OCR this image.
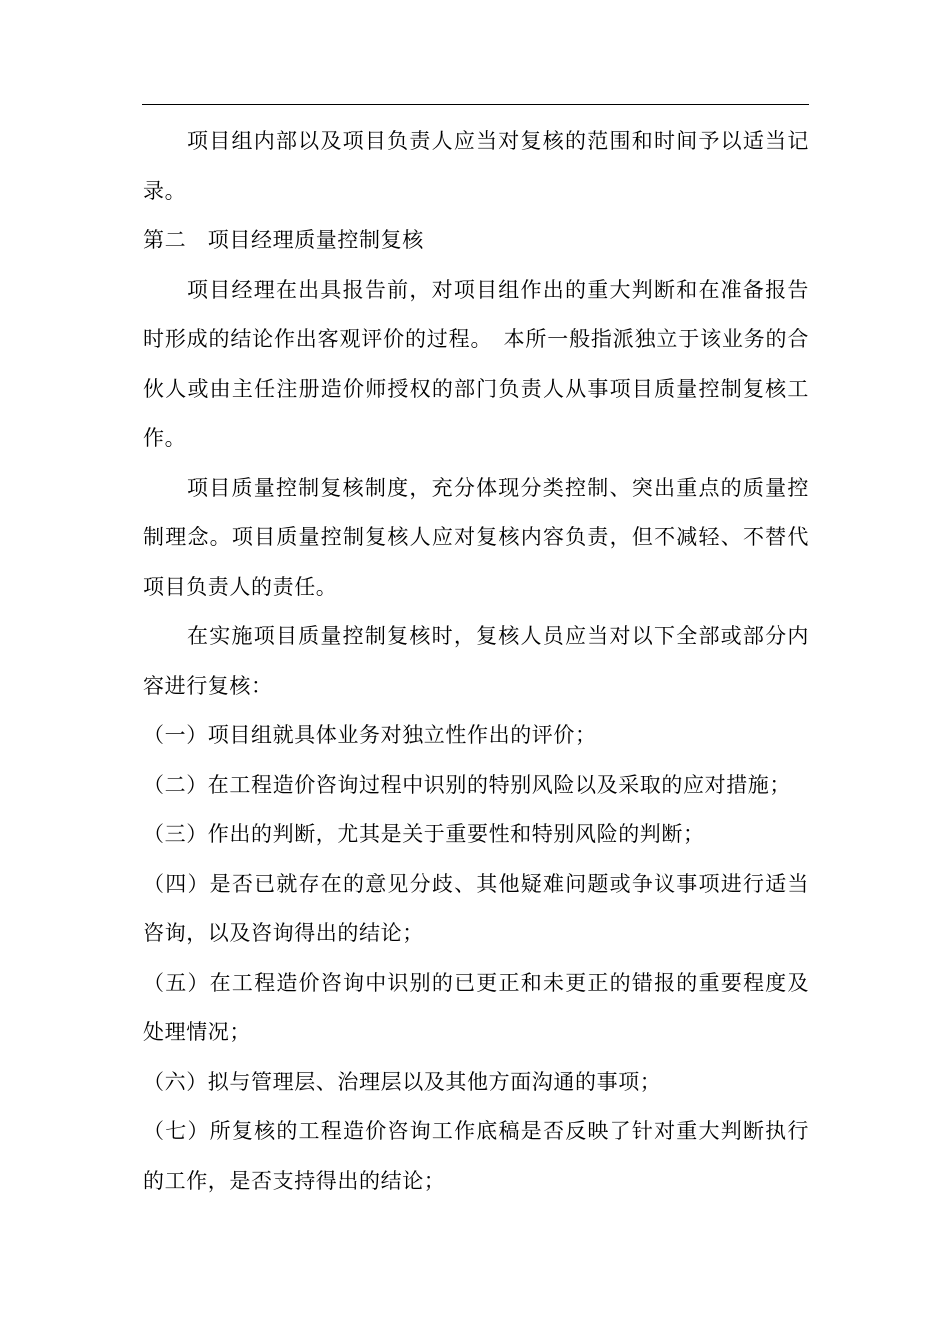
项目组内部以及项目负责人应当对复核的范围和时间予以适当记录。

第二　项目经理质量控制复核

项目经理在出具报告前，对项目组作出的重大判断和在准备报告时形成的结论作出客观评价的过程。　本所一般指派独立于该业务的合伙人或由主任注册造价师授权的部门负责人从事项目质量控制复核工作。

项目质量控制复核制度，充分体现分类控制、突出重点的质量控制理念。项目质量控制复核人应对复核内容负责，但不减轻、不替代项目负责人的责任。

在实施项目质量控制复核时，复核人员应当对以下全部或部分内容进行复核：

（一）项目组就具体业务对独立性作出的评价；

（二）在工程造价咨询过程中识别的特别风险以及采取的应对措施；

（三）作出的判断，尤其是关于重要性和特别风险的判断；

（四）是否已就存在的意见分歧、其他疑难问题或争议事项进行适当咨询，以及咨询得出的结论；

（五）在工程造价咨询中识别的已更正和未更正的错报的重要程度及处理情况；

（六）拟与管理层、治理层以及其他方面沟通的事项；

（七）所复核的工程造价咨询工作底稿是否反映了针对重大判断执行的工作，是否支持得出的结论；
